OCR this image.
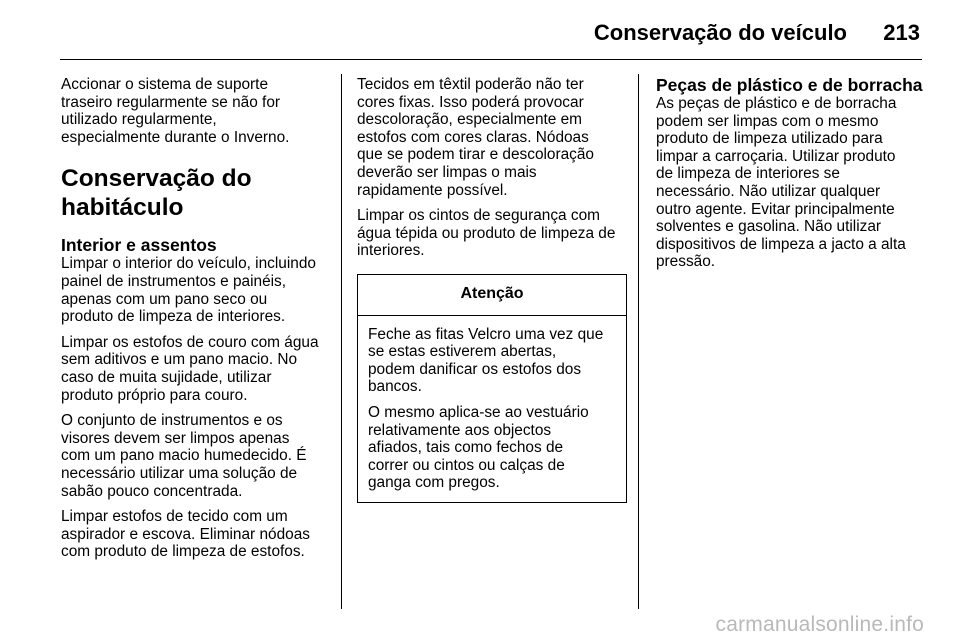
Conservação do veículo 213

Accionar o sistema de suporte
traseiro regularmente se não for
utilizado regularmente,
especialmente durante o Inverno.

Conservação do
habitáculo
Interior e assentos

Limpar o interior do veículo, incluindo
painel de instrumentos e painéis,
apenas com um pano seco ou
produto de limpeza de interiores.

Limpar os estofos de couro com água
sem aditivos e um pano macio. No
caso de muita sujidade, utilizar
produto próprio para couro.

O conjunto de instrumentos e os
visores devem ser limpos apenas
com um pano macio humedecido. É
necessário utilizar uma solução de
sabão pouco concentrada.

Limpar estofos de tecido com um
aspirador e escova. Eliminar nódoas
com produto de limpeza de estofos.

Tecidos em têxtil poderão não ter
cores fixas. Isso poderá provocar
descoloração, especialmente em
estofos com cores claras. Nódoas
que se podem tirar e descoloração
deverão ser limpas o mais
rapidamente possível.

Limpar os cintos de segurança com
água tépida ou produto de limpeza de
interiores.

Atenção

Feche as fitas Velcro uma vez que
se estas estiverem abertas,
podem danificar os estofos dos
bancos.

O mesmo aplica-se ao vestuário
relativamente aos objectos
afiados, tais como fechos de
correr ou cintos ou calças de
ganga com pregos.

Peças de plástico e de borracha

As peças de plástico e de borracha
podem ser limpas com o mesmo
produto de limpeza utilizado para
limpar a carroçaria. Utilizar produto
de limpeza de interiores se
necessário. Não utilizar qualquer
outro agente. Evitar principalmente
solventes e gasolina. Não utilizar
dispositivos de limpeza a jacto a alta
pressão.

carmanualsonline.info
